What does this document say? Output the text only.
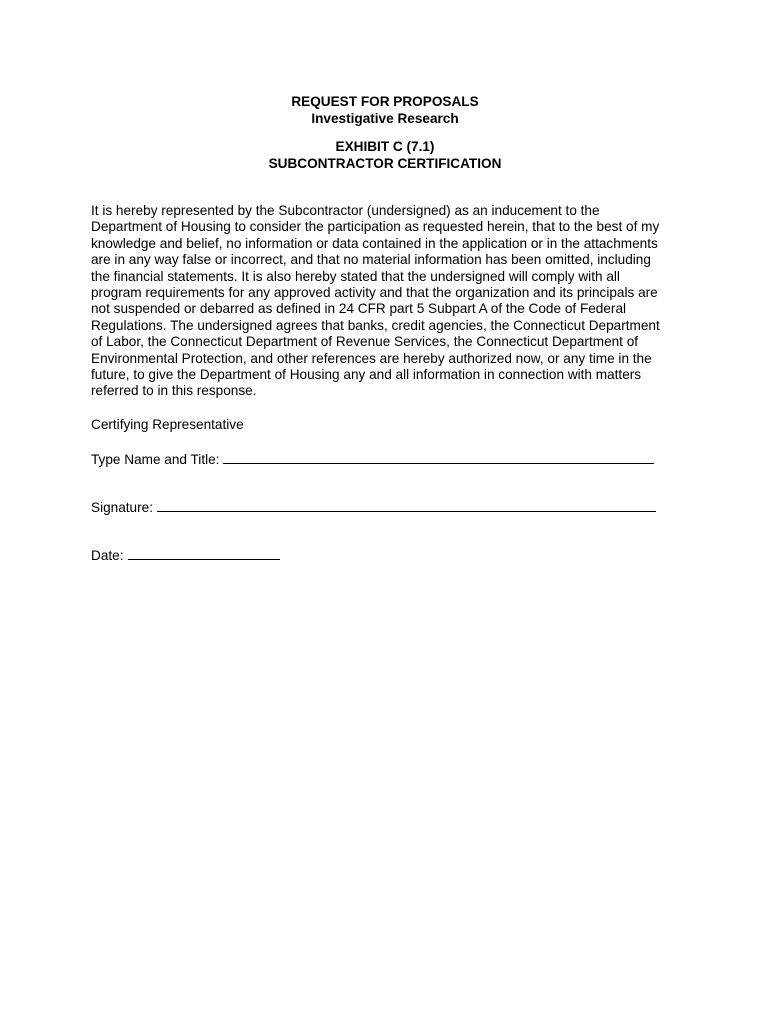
REQUEST FOR PROPOSALS
Investigative Research
EXHIBIT C (7.1)
SUBCONTRACTOR CERTIFICATION
It is hereby represented by the Subcontractor (undersigned) as an inducement to the
Department of Housing to consider the participation as requested herein, that to the best of my
knowledge and belief, no information or data contained in the application or in the attachments
are in any way false or incorrect, and that no material information has been omitted, including
the financial statements. It is also hereby stated that the undersigned will comply with all
program requirements for any approved activity and that the organization and its principals are
not suspended or debarred as defined in 24 CFR part 5 Subpart A of the Code of Federal
Regulations. The undersigned agrees that banks, credit agencies, the Connecticut Department
of Labor, the Connecticut Department of Revenue Services, the Connecticut Department of
Environmental Protection, and other references are hereby authorized now, or any time in the
future, to give the Department of Housing any and all information in connection with matters
referred to in this response.
Certifying Representative
Type Name and Title:
Signature:
Date:
